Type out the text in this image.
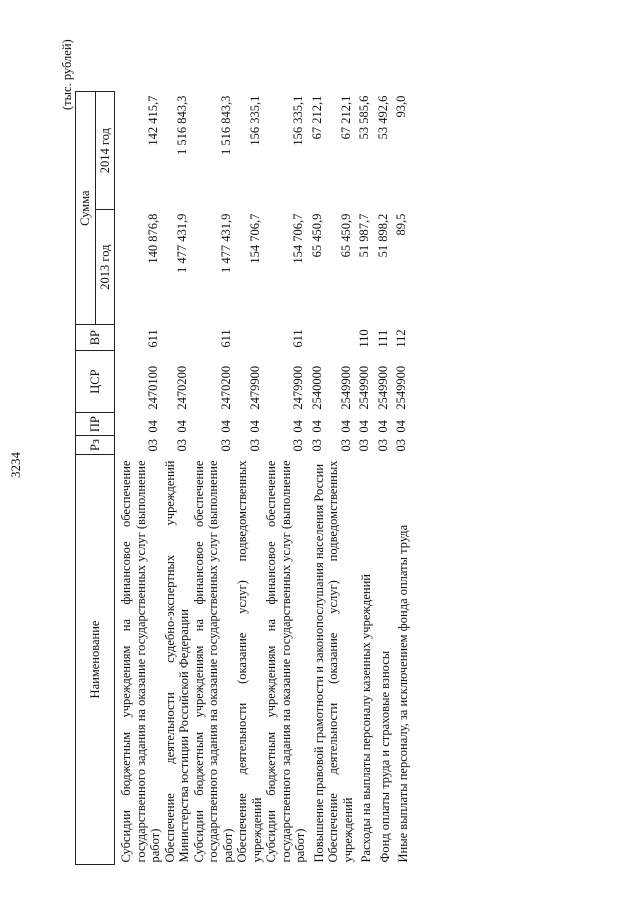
3234
(тыс. рублей)
Наименование	Рз	ПР	ЦСР	ВР	Сумма	
					2013 год	2014 год
Субсидии бюджетным учреждениям на финансовое обеспечение государственного задания на оказание государственных услуг (выполнение работ)	03	04	2470100	611	140 876,8	142 415,7
Обеспечение деятельности судебно-экспертных учреждений Министерства юстиции Российской Федерации	03	04	2470200		1 477 431,9	1 516 843,3
Субсидии бюджетным учреждениям на финансовое обеспечение государственного задания на оказание государственных услуг (выполнение работ)	03	04	2470200	611	1 477 431,9	1 516 843,3
Обеспечение деятельности (оказание услуг) подведомственных учреждений	03	04	2479900		154 706,7	156 335,1
Субсидии бюджетным учреждениям на финансовое обеспечение государственного задания на оказание государственных услуг (выполнение работ)	03	04	2479900	611	154 706,7	156 335,1
Повышение правовой грамотности и законопослушания населения России	03	04	2540000		65 450,9	67 212,1
Обеспечение деятельности (оказание услуг) подведомственных учреждений	03	04	2549900		65 450,9	67 212,1
Расходы на выплаты персоналу казенных учреждений	03	04	2549900	110	51 987,7	53 585,6
Фонд оплаты труда и страховые взносы	03	04	2549900	111	51 898,2	53 492,6
Иные выплаты персоналу, за исключением фонда оплаты труда	03	04	2549900	112	89,5	93,0
